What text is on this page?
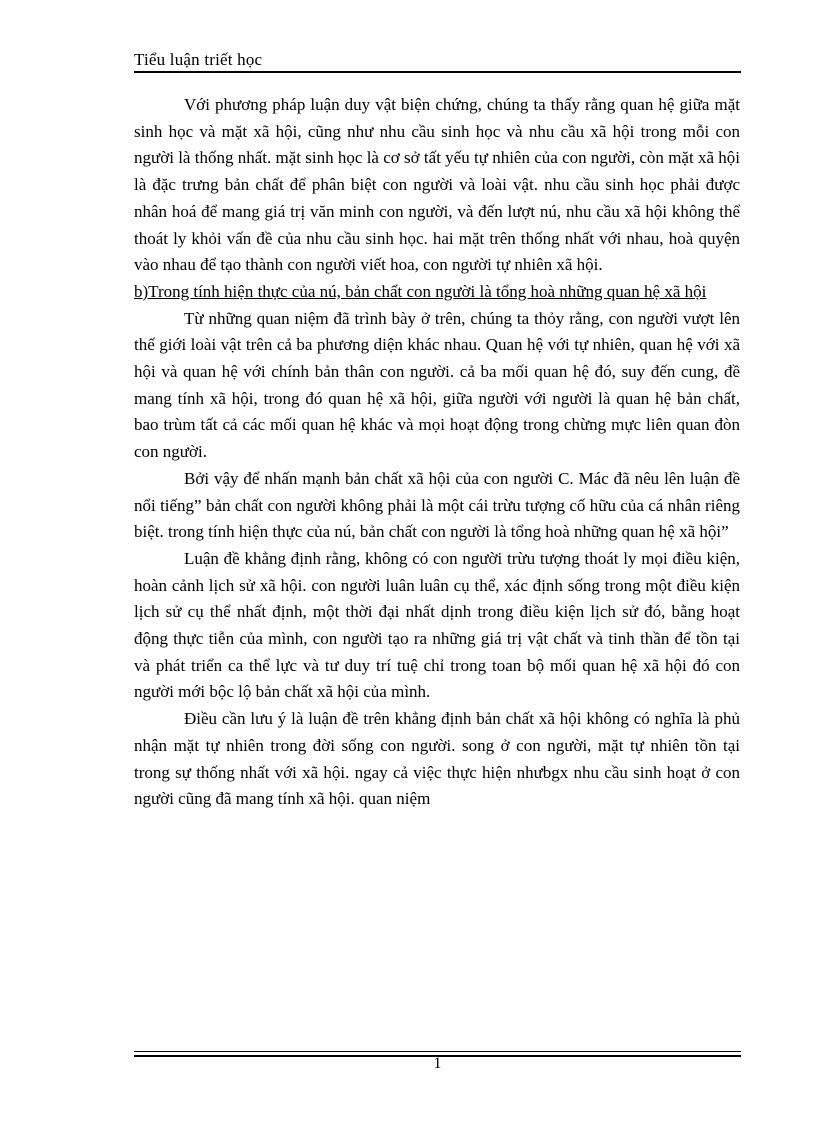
Tiểu luận triết học

Với phương pháp luận duy vật biện chứng, chúng ta thấy rằng quan hệ giữa mặt sinh học và mặt xã hội, cũng như nhu cầu sinh học và nhu cầu xã hội trong mỗi con người là thống nhất. mặt sinh học là cơ sở tất yếu tự nhiên của con người, còn mặt xã hội là đặc trưng bản chất để phân biệt con người và loài vật. nhu cầu sinh học phải được nhân hoá để mang giá trị văn minh con người, và đến lượt nú, nhu cầu xã hội không thể thoát ly khỏi vấn đề của nhu cầu sinh học. hai mặt trên thống nhất với nhau, hoà quyện vào nhau để tạo thành con người viết hoa, con người tự nhiên xã hội.

b)Trong tính hiện thực của nú, bản chất con người là tổng hoà những quan hệ xã hội

Từ những quan niệm đã trình bày ở trên, chúng ta thỏy rằng, con người vượt lên thế giới loài vật trên cả ba phương diện khác nhau. Quan hệ với tự nhiên, quan hệ với xã hội và quan hệ với chính bản thân con người. cả ba mối quan hệ đó, suy đến cung, đề mang tính xã hội, trong đó quan hệ xã hội, giữa người với người là quan hệ bản chất, bao trùm tất cả các mối quan hệ khác và mọi hoạt động trong chừng mực liên quan đòn con người.

Bởi vậy để nhấn mạnh bản chất xã hội của con người C. Mác đã nêu lên luận đề nổi tiếng” bản chất con người không phải là một cái trừu tượng cố hữu của cá nhân riêng biệt. trong tính hiện thực của nú, bản chất con người là tổng hoà những quan hệ xã hội”

Luận đề khẳng định rằng, không có con người trừu tượng thoát ly mọi điều kiện, hoàn cảnh lịch sử xã hội. con người luân luân cụ thể, xác định sống trong một điều kiện lịch sử cụ thể nhất định, một thời đại nhất dịnh trong điều kiện lịch sử đó, bằng hoạt động thực tiễn của mình, con người tạo ra những giá trị vật chất và tinh thần để tồn tại và phát triển ca thể lực và tư duy trí tuệ chỉ trong toan bộ mối quan hệ xã hội đó con người mới bộc lộ bản chất xã hội của mình.

Điều cần lưu ý là luận đề trên khẳng định bản chất xã hội không có nghĩa là phủ nhận mặt tự nhiên trong đời sống con người. song ở con người, mặt tự nhiên tồn tại trong sự thống nhất với xã hội. ngay cả việc thực hiện nhưbgx nhu cầu sinh hoạt ở con người cũng đã mang tính xã hội. quan niệm

1
